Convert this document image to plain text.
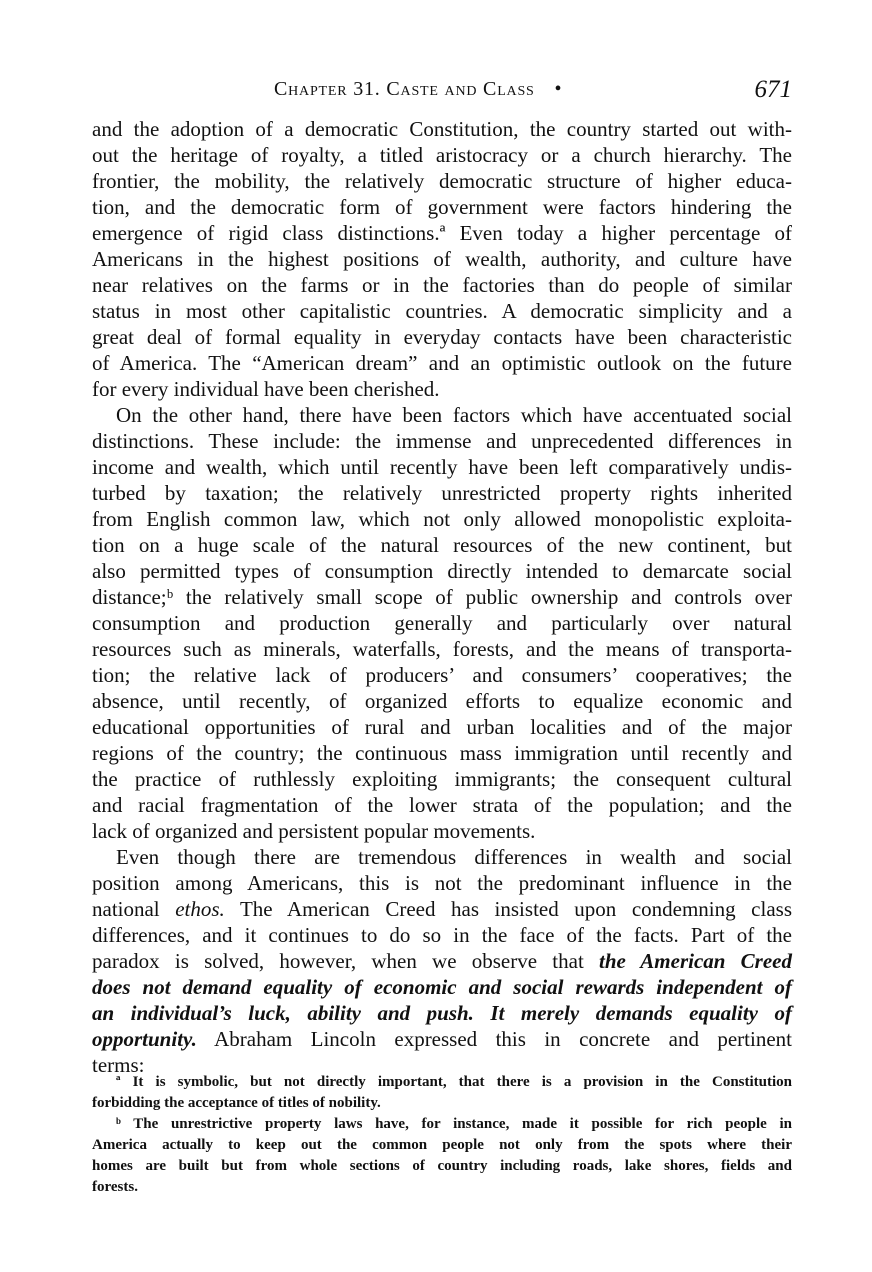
Chapter 31. Caste and Class •	671
and the adoption of a democratic Constitution, the country started out with-
out the heritage of royalty, a titled aristocracy or a church hierarchy. The
frontier, the mobility, the relatively democratic structure of higher educa-
tion, and the democratic form of government were factors hindering the
emergence of rigid class distinctions.ª Even today a higher percentage of
Americans in the highest positions of wealth, authority, and culture have
near relatives on the farms or in the factories than do people of similar
status in most other capitalistic countries. A democratic simplicity and a
great deal of formal equality in everyday contacts have been characteristic
of America. The “American dream” and an optimistic outlook on the future
for every individual have been cherished.
On the other hand, there have been factors which have accentuated social
distinctions. These include: the immense and unprecedented differences in
income and wealth, which until recently have been left comparatively undis-
turbed by taxation; the relatively unrestricted property rights inherited
from English common law, which not only allowed monopolistic exploita-
tion on a huge scale of the natural resources of the new continent, but
also permitted types of consumption directly intended to demarcate social
distance;ᵇ the relatively small scope of public ownership and controls over
consumption and production generally and particularly over natural
resources such as minerals, waterfalls, forests, and the means of transporta-
tion; the relative lack of producers’ and consumers’ cooperatives; the
absence, until recently, of organized efforts to equalize economic and
educational opportunities of rural and urban localities and of the major
regions of the country; the continuous mass immigration until recently and
the practice of ruthlessly exploiting immigrants; the consequent cultural
and racial fragmentation of the lower strata of the population; and the
lack of organized and persistent popular movements.
Even though there are tremendous differences in wealth and social
position among Americans, this is not the predominant influence in the
national ethos. The American Creed has insisted upon condemning class
differences, and it continues to do so in the face of the facts. Part of the
paradox is solved, however, when we observe that the American Creed
does not demand equality of economic and social rewards independent of
an individual’s luck, ability and push. It merely demands equality of
opportunity. Abraham Lincoln expressed this in concrete and pertinent
terms:
ª It is symbolic, but not directly important, that there is a provision in the Constitution
forbidding the acceptance of titles of nobility.
ᵇ The unrestrictive property laws have, for instance, made it possible for rich people in
America actually to keep out the common people not only from the spots where their
homes are built but from whole sections of country including roads, lake shores, fields and
forests.
